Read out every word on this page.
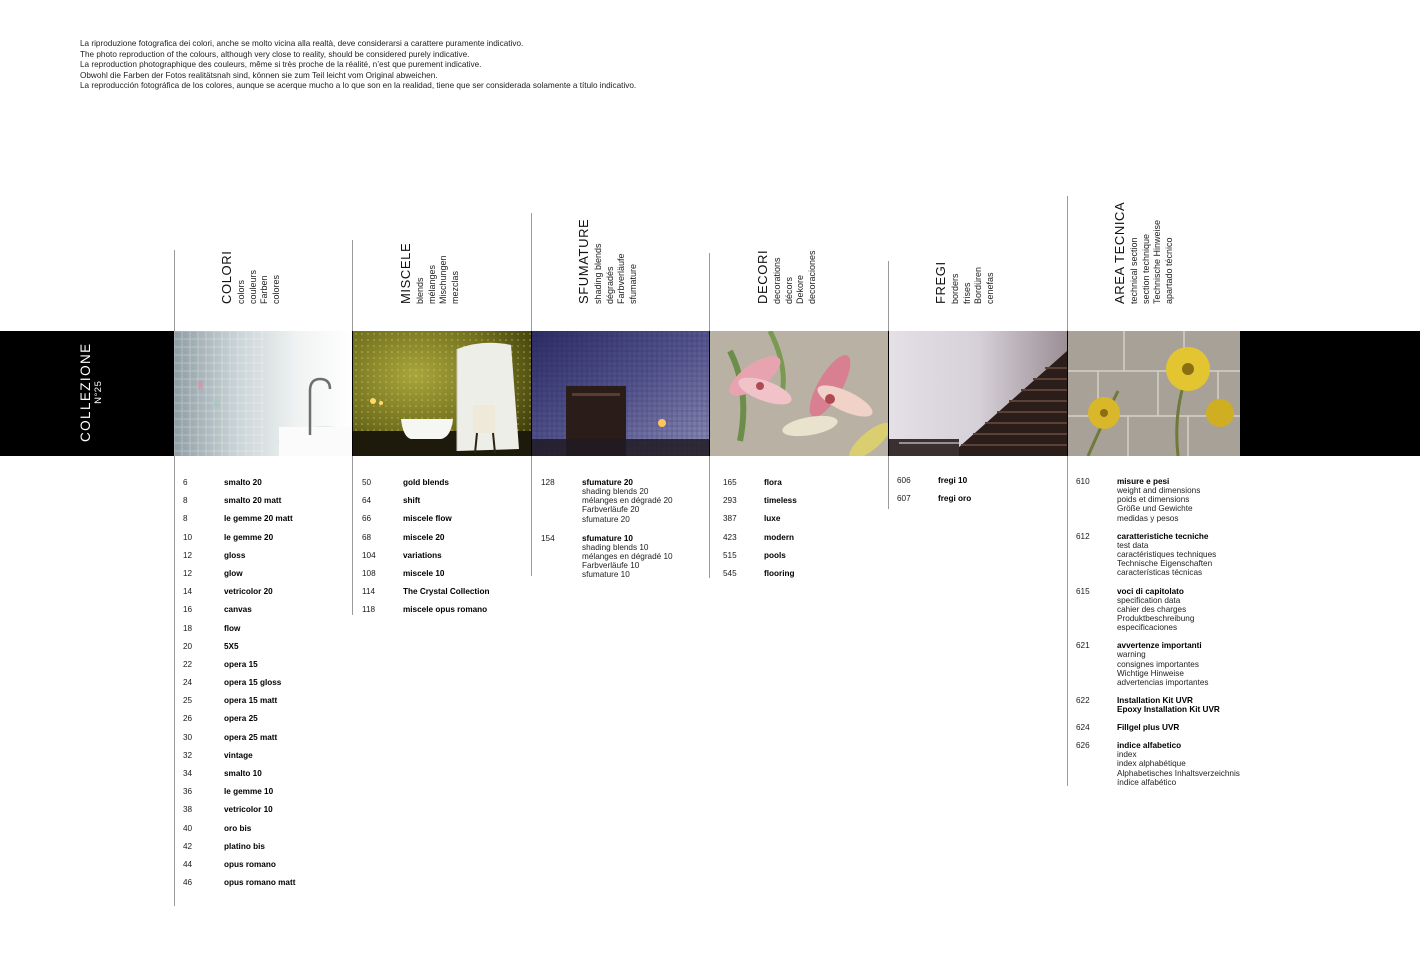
La riproduzione fotografica dei colori, anche se molto vicina alla realtà, deve considerarsi a carattere puramente indicativo.
The photo reproduction of the colours, although very close to reality, should be considered purely indicative.
La reproduction photographique des couleurs, même si très proche de la réalité, n’est que purement indicative.
Obwohl die Farben der Fotos realitätsnah sind, können sie zum Teil leicht vom Original abweichen.
La reproducción fotográfica de los colores, aunque se acerque mucho a lo que son en la realidad, tiene que ser considerada solamente a título indicativo.
COLORI colors couleurs Farben colores	MISCELE blends mélanges Mischungen mezclas	SFUMATURE shading blends dégradés Farbverläufe sfumature	DECORI decorations décors Dekore decoraciones	FREGI borders frises Bordüren cenefas	AREA TECNICA technical section section technique Technische Hinweise apartado técnico
COLLEZIONE N°25
6	smalto 20
8	smalto 20 matt
8	le gemme 20 matt
10	le gemme 20
12	gloss
12	glow
14	vetricolor 20
16	canvas
18	flow
20	5X5
22	opera 15
24	opera 15 gloss
25	opera 15 matt
26	opera 25
30	opera 25 matt
32	vintage
34	smalto 10
36	le gemme 10
38	vetricolor 10
40	oro bis
42	platino bis
44	opus romano
46	opus romano matt
50	gold blends
64	shift
66	miscele flow
68	miscele 20
104	variations
108	miscele 10
114	The Crystal Collection
118	miscele opus romano
128	sfumature 20
shading blends 20
mélanges en dégradé 20
Farbverläufe 20
sfumature 20
154	sfumature 10
shading blends 10
mélanges en dégradé 10
Farbverläufe 10
sfumature 10
165	flora
293	timeless
387	luxe
423	modern
515	pools
545	flooring
606	fregi 10
607	fregi oro
610	misure e pesi
weight and dimensions
poids et dimensions
Größe und Gewichte
medidas y pesos
612	caratteristiche tecniche
test data
caractéristiques techniques
Technische Eigenschaften
características técnicas
615	voci di capitolato
specification data
cahier des charges
Produktbeschreibung
especificaciones
621	avvertenze importanti
warning
consignes importantes
Wichtige Hinweise
advertencias importantes
622	Installation Kit UVR
Epoxy Installation Kit UVR
624	Fillgel plus UVR
626	indice alfabetico
index
index alphabétique
Alphabetisches Inhaltsverzeichnis
índice alfabético
